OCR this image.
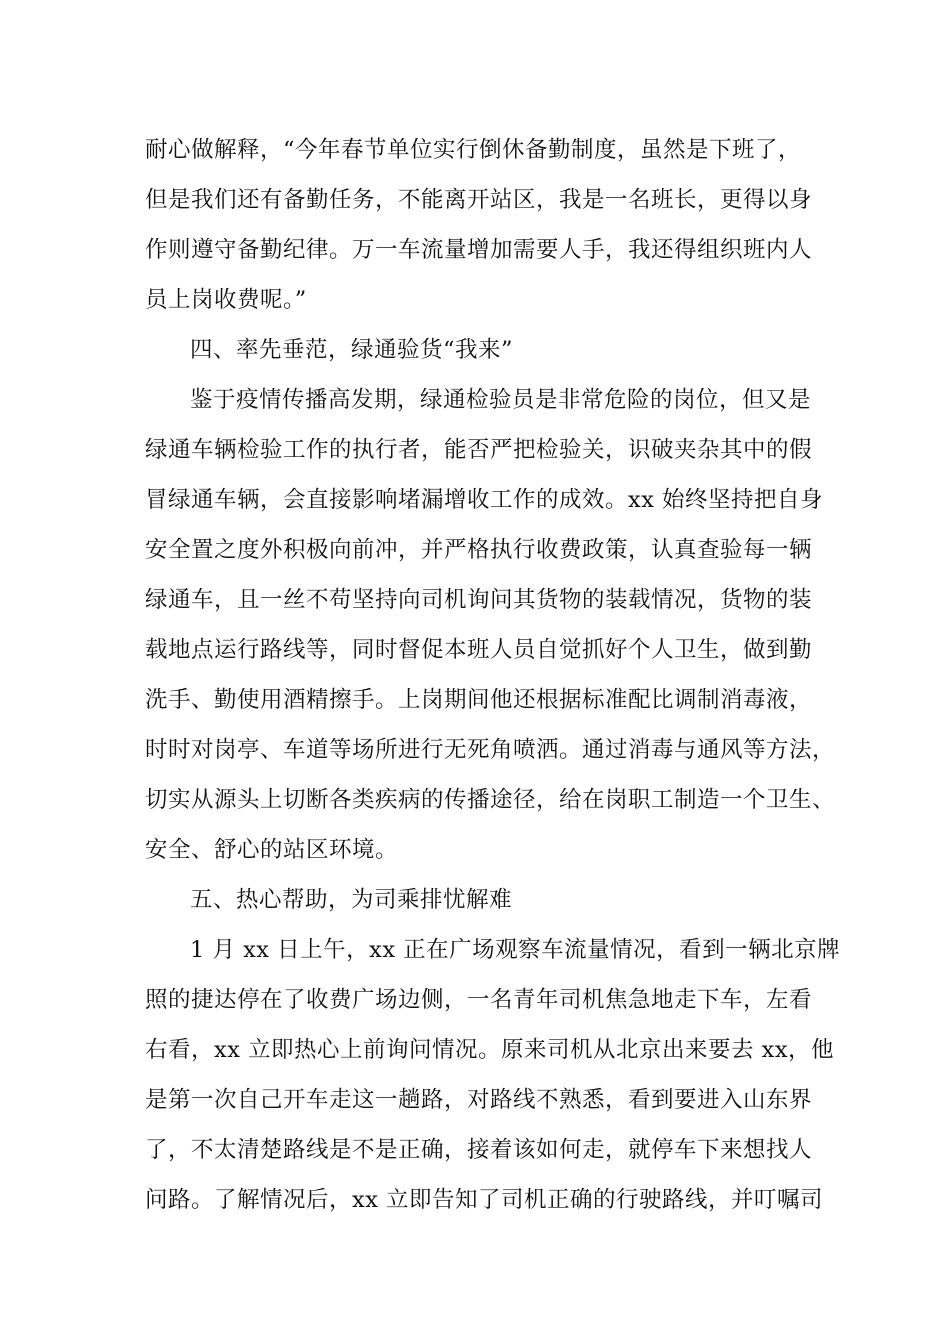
耐心做解释，“今年春节单位实行倒休备勤制度，虽然是下班了，
但是我们还有备勤任务，不能离开站区，我是一名班长，更得以身
作则遵守备勤纪律。万一车流量增加需要人手，我还得组织班内人
员上岗收费呢。”
四、率先垂范，绿通验货“我来”
鉴于疫情传播高发期，绿通检验员是非常危险的岗位，但又是
绿通车辆检验工作的执行者，能否严把检验关，识破夹杂其中的假
冒绿通车辆，会直接影响堵漏增收工作的成效。xx 始终坚持把自身
安全置之度外积极向前冲，并严格执行收费政策，认真查验每一辆
绿通车，且一丝不苟坚持向司机询问其货物的装载情况，货物的装
载地点运行路线等，同时督促本班人员自觉抓好个人卫生，做到勤
洗手、勤使用酒精擦手。上岗期间他还根据标准配比调制消毒液，
时时对岗亭、车道等场所进行无死角喷洒。通过消毒与通风等方法，
切实从源头上切断各类疾病的传播途径，给在岗职工制造一个卫生、
安全、舒心的站区环境。
五、热心帮助，为司乘排忧解难
1 月 xx 日上午，xx 正在广场观察车流量情况，看到一辆北京牌
照的捷达停在了收费广场边侧，一名青年司机焦急地走下车，左看
右看，xx 立即热心上前询问情况。原来司机从北京出来要去 xx，他
是第一次自己开车走这一趟路，对路线不熟悉，看到要进入山东界
了，不太清楚路线是不是正确，接着该如何走，就停车下来想找人
问路。了解情况后，xx 立即告知了司机正确的行驶路线，并叮嘱司
